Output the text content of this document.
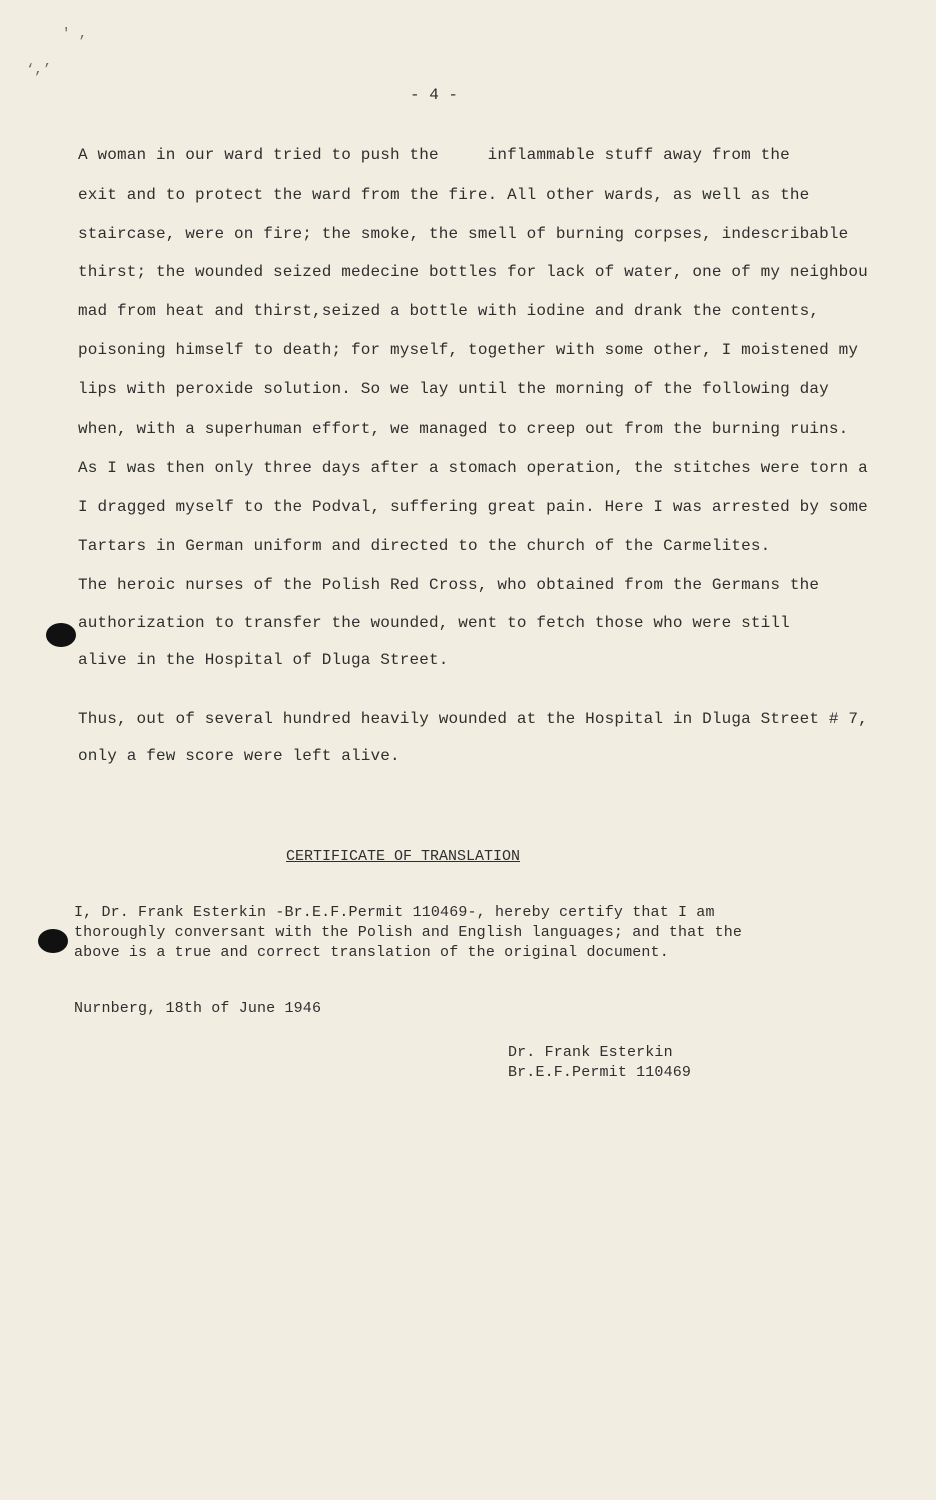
' ,
‘,’
- 4 -

A woman in our ward tried to push the     inflammable stuff away from the

exit and to protect the ward from the fire. All other wards, as well as the

staircase, were on fire; the smoke, the smell of burning corpses, indescribable

thirst; the wounded seized medecine bottles for lack of water, one of my neighbou

mad from heat and thirst,seized a bottle with iodine and drank the contents,

poisoning himself to death; for myself, together with some other, I moistened my

lips with peroxide solution. So we lay until the morning of the following day

when, with a superhuman effort, we managed to creep out from the burning ruins.

As I was then only three days after a stomach operation, the stitches were torn a

I dragged myself to the Podval, suffering great pain. Here I was arrested by some

Tartars in German uniform and directed to the church of the Carmelites.

The heroic nurses of the Polish Red Cross, who obtained from the Germans the

authorization to transfer the wounded, went to fetch those who were still

alive in the Hospital of Dluga Street.

Thus, out of several hundred heavily wounded at the Hospital in Dluga Street # 7,

only a few score were left alive.

CERTIFICATE OF TRANSLATION

I, Dr. Frank Esterkin -Br.E.F.Permit 110469-, hereby certify that I am

thoroughly conversant with the Polish and English languages; and that the

above is a true and correct translation of the original document.

Nurnberg, 18th of June 1946

Dr. Frank Esterkin

Br.E.F.Permit 110469
